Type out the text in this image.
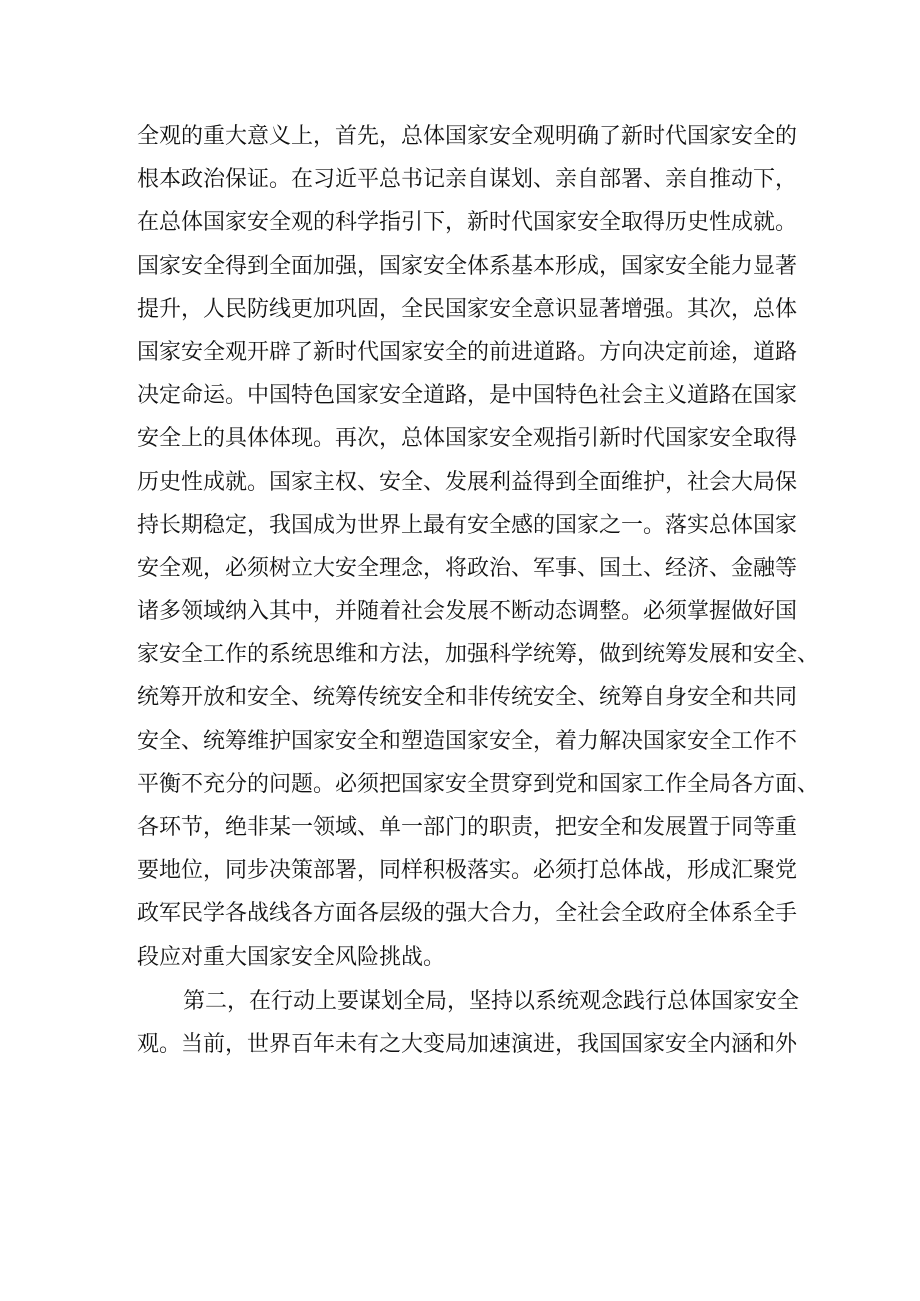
全观的重大意义上，首先，总体国家安全观明确了新时代国家安全的
根本政治保证。在习近平总书记亲自谋划、亲自部署、亲自推动下，
在总体国家安全观的科学指引下，新时代国家安全取得历史性成就。
国家安全得到全面加强，国家安全体系基本形成，国家安全能力显著
提升，人民防线更加巩固，全民国家安全意识显著增强。其次，总体
国家安全观开辟了新时代国家安全的前进道路。方向决定前途，道路
决定命运。中国特色国家安全道路，是中国特色社会主义道路在国家
安全上的具体体现。再次，总体国家安全观指引新时代国家安全取得
历史性成就。国家主权、安全、发展利益得到全面维护，社会大局保
持长期稳定，我国成为世界上最有安全感的国家之一。落实总体国家
安全观，必须树立大安全理念，将政治、军事、国土、经济、金融等
诸多领域纳入其中，并随着社会发展不断动态调整。必须掌握做好国
家安全工作的系统思维和方法，加强科学统筹，做到统筹发展和安全、
统筹开放和安全、统筹传统安全和非传统安全、统筹自身安全和共同
安全、统筹维护国家安全和塑造国家安全，着力解决国家安全工作不
平衡不充分的问题。必须把国家安全贯穿到党和国家工作全局各方面、
各环节，绝非某一领域、单一部门的职责，把安全和发展置于同等重
要地位，同步决策部署，同样积极落实。必须打总体战，形成汇聚党
政军民学各战线各方面各层级的强大合力，全社会全政府全体系全手
段应对重大国家安全风险挑战。
第二，在行动上要谋划全局，坚持以系统观念践行总体国家安全
观。当前，世界百年未有之大变局加速演进，我国国家安全内涵和外
